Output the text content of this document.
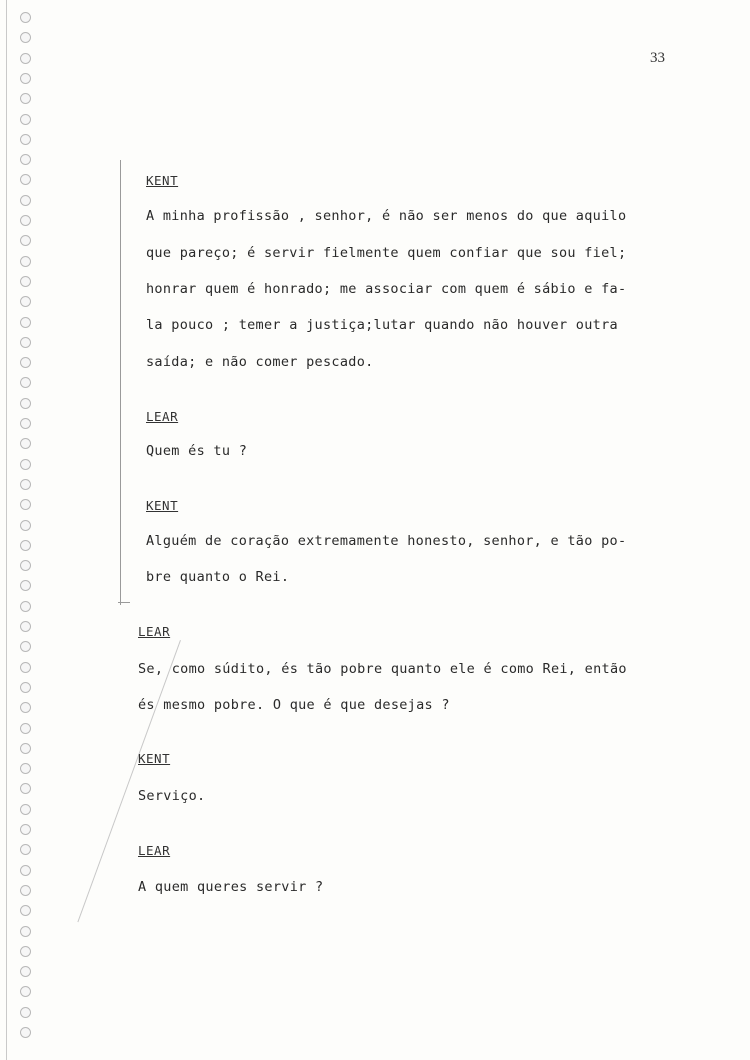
33
KENT
A minha profissão , senhor, é não ser menos do que aquilo
que pareço; é servir fielmente quem confiar que sou fiel;
honrar quem é honrado; me associar com quem é sábio e fa-
la pouco ; temer a justiça;lutar quando não houver outra
saída; e não comer pescado.
LEAR
Quem és tu ?
KENT
Alguém de coração extremamente honesto, senhor, e tão po-
bre quanto o Rei.
LEAR
Se, como súdito, és tão pobre quanto ele é como Rei, então
és mesmo pobre. O que é que desejas ?
KENT
Serviço.
LEAR
A quem queres servir ?
